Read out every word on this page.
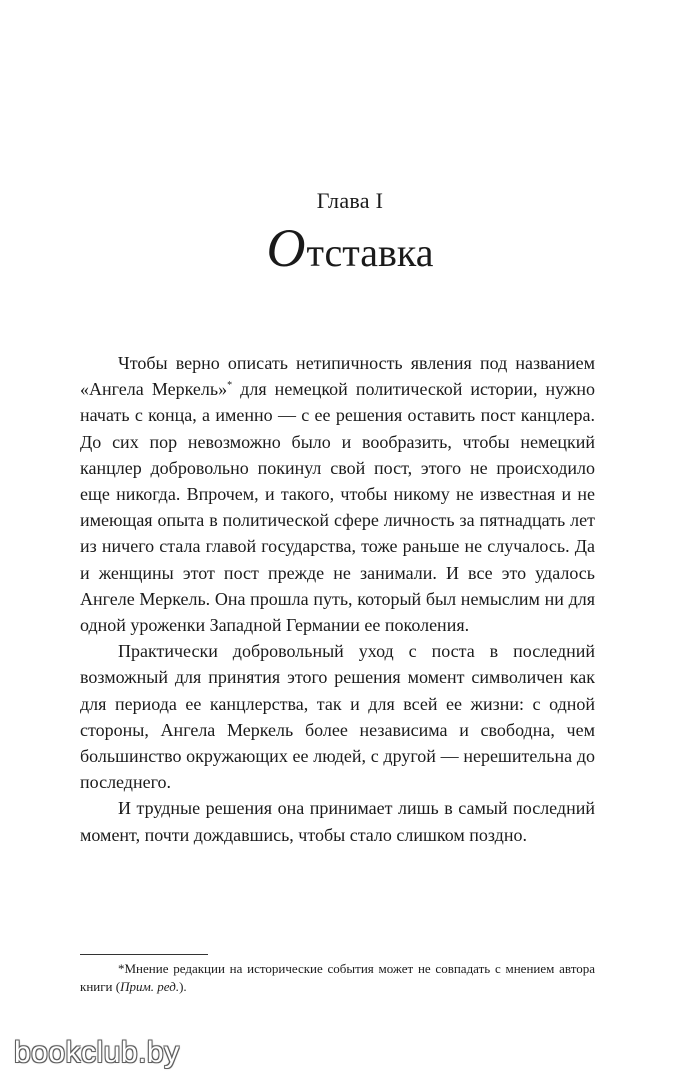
Глава I
Отставка

Чтобы верно описать нетипичность явления под названием «Ангела Меркель»* для немецкой политической истории, нужно начать с конца, а именно — с ее решения оставить пост канцлера. До сих пор невозможно было и вообразить, чтобы немецкий канцлер добровольно покинул свой пост, этого не происходило еще никогда. Впрочем, и такого, чтобы никому не известная и не имеющая опыта в политической сфере личность за пятнадцать лет из ничего стала главой государства, тоже раньше не случалось. Да и женщины этот пост прежде не занимали. И все это удалось Ангеле Меркель. Она прошла путь, который был немыслим ни для одной уроженки Западной Германии ее поколения.

Практически добровольный уход с поста в последний возможный для принятия этого решения момент символичен как для периода ее канцлерства, так и для всей ее жизни: с одной стороны, Ангела Меркель более независима и свободна, чем большинство окружающих ее людей, с другой — нерешительна до последнего.

И трудные решения она принимает лишь в самый последний момент, почти дождавшись, чтобы стало слишком поздно.

*Мнение редакции на исторические события может не совпадать с мнением автора книги (Прим. ред.).
bookclub.by
